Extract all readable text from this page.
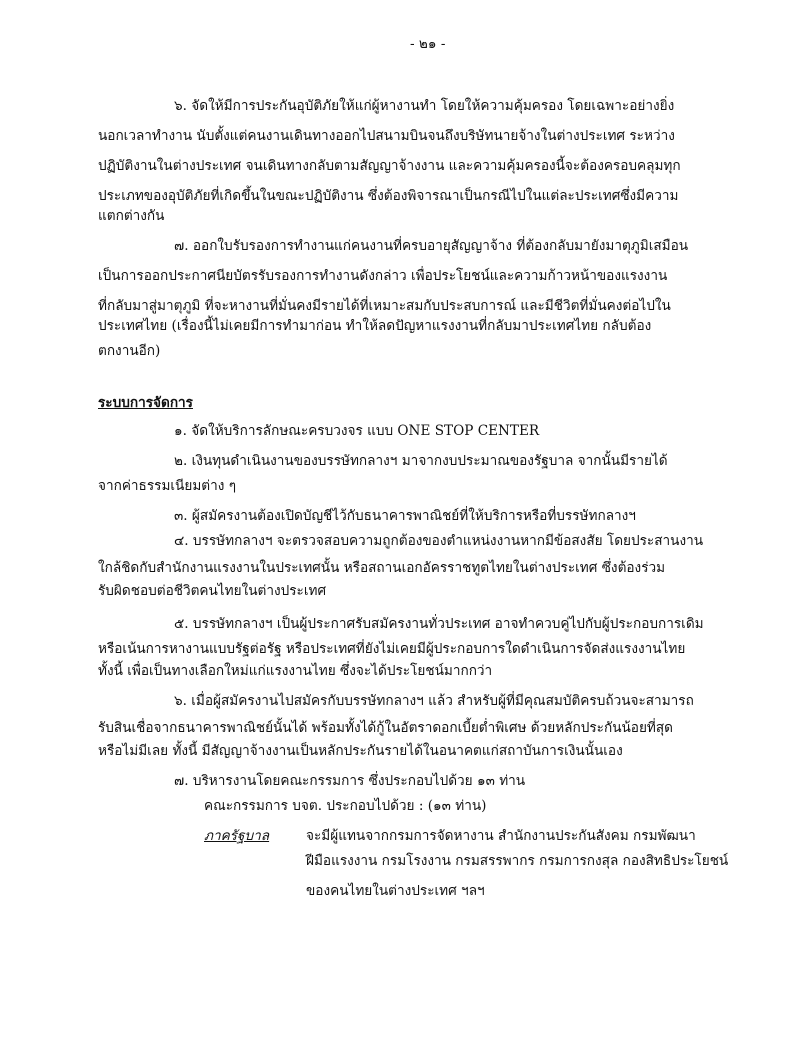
- ๒๑ -
๖. จัดให้มีการประกันอุบัติภัยให้แก่ผู้หางานทำ โดยให้ความคุ้มครอง โดยเฉพาะอย่างยิ่ง
นอกเวลาทำงาน นับตั้งแต่คนงานเดินทางออกไปสนามบินจนถึงบริษัทนายจ้างในต่างประเทศ ระหว่าง
ปฏิบัติงานในต่างประเทศ จนเดินทางกลับตามสัญญาจ้างงาน และความคุ้มครองนี้จะต้องครอบคลุมทุก
ประเภทของอุบัติภัยที่เกิดขึ้นในขณะปฏิบัติงาน ซึ่งต้องพิจารณาเป็นกรณีไปในแต่ละประเทศซึ่งมีความ
แตกต่างกัน
๗. ออกใบรับรองการทำงานแก่คนงานที่ครบอายุสัญญาจ้าง ที่ต้องกลับมายังมาตุภูมิเสมือน
เป็นการออกประกาศนียบัตรรับรองการทำงานดังกล่าว เพื่อประโยชน์และความก้าวหน้าของแรงงาน
ที่กลับมาสู่มาตุภูมิ ที่จะหางานที่มั่นคงมีรายได้ที่เหมาะสมกับประสบการณ์ และมีชีวิตที่มั่นคงต่อไปใน
ประเทศไทย (เรื่องนี้ไม่เคยมีการทำมาก่อน ทำให้ลดปัญหาแรงงานที่กลับมาประเทศไทย กลับต้อง
ตกงานอีก)
ระบบการจัดการ
๑. จัดให้บริการลักษณะครบวงจร แบบ ONE STOP CENTER
๒. เงินทุนดำเนินงานของบรรษัทกลางฯ มาจากงบประมาณของรัฐบาล จากนั้นมีรายได้
จากค่าธรรมเนียมต่าง ๆ
๓. ผู้สมัครงานต้องเปิดบัญชีไว้กับธนาคารพาณิชย์ที่ให้บริการหรือที่บรรษัทกลางฯ
๔. บรรษัทกลางฯ จะตรวจสอบความถูกต้องของตำแหน่งงานหากมีข้อสงสัย โดยประสานงาน
ใกล้ชิดกับสำนักงานแรงงานในประเทศนั้น หรือสถานเอกอัครราชทูตไทยในต่างประเทศ ซึ่งต้องร่วม
รับผิดชอบต่อชีวิตคนไทยในต่างประเทศ
๕. บรรษัทกลางฯ เป็นผู้ประกาศรับสมัครงานทั่วประเทศ อาจทำควบคู่ไปกับผู้ประกอบการเดิม
หรือเน้นการหางานแบบรัฐต่อรัฐ หรือประเทศที่ยังไม่เคยมีผู้ประกอบการใดดำเนินการจัดส่งแรงงานไทย
ทั้งนี้ เพื่อเป็นทางเลือกใหม่แก่แรงงานไทย ซึ่งจะได้ประโยชน์มากกว่า
๖. เมื่อผู้สมัครงานไปสมัครกับบรรษัทกลางฯ แล้ว สำหรับผู้ที่มีคุณสมบัติครบถ้วนจะสามารถ
รับสินเชื่อจากธนาคารพาณิชย์นั้นได้ พร้อมทั้งได้กู้ในอัตราดอกเบี้ยต่ำพิเศษ ด้วยหลักประกันน้อยที่สุด
หรือไม่มีเลย ทั้งนี้ มีสัญญาจ้างงานเป็นหลักประกันรายได้ในอนาคตแก่สถาบันการเงินนั้นเอง
๗. บริหารงานโดยคณะกรรมการ ซึ่งประกอบไปด้วย ๑๓ ท่าน
คณะกรรมการ บจต. ประกอบไปด้วย : (๑๓ ท่าน)
ภาครัฐบาล	จะมีผู้แทนจากกรมการจัดหางาน สำนักงานประกันสังคม กรมพัฒนา
ฝีมือแรงงาน กรมโรงงาน กรมสรรพากร กรมการกงสุล กองสิทธิประโยชน์
ของคนไทยในต่างประเทศ ฯลฯ
